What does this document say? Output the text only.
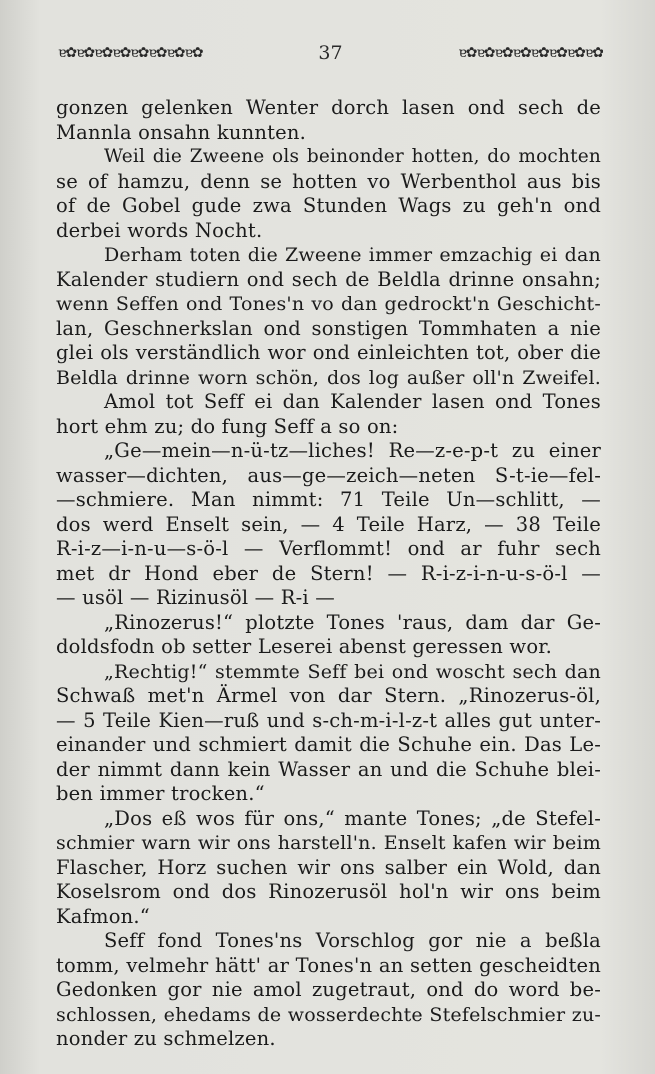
ɐ✿ɐ✿ɐ✿ɐ✿ɐ✿ɐ✿ɐ✿ɐ✿	37	ɐ✿ɐ✿ɐ✿ɐ✿ɐ✿ɐ✿ɐ✿ɐ✿
gonzen gelenken Wenter dorch lasen ond sech de
Mannla onsahn kunnten.
Weil die Zweene ols beinonder hotten, do mochten
se of hamzu, denn se hotten vo Werbenthol aus bis
of de Gobel gude zwa Stunden Wags zu geh'n ond
derbei words Nocht.
Derham toten die Zweene immer emzachig ei dan
Kalender studiern ond sech de Beldla drinne onsahn;
wenn Seffen ond Tones'n vo dan gedrockt'n Geschicht-
lan, Geschnerkslan ond sonstigen Tommhaten a nie
glei ols verständlich wor ond einleichten tot, ober die
Beldla drinne worn schön, dos log außer oll'n Zweifel.
Amol tot Seff ei dan Kalender lasen ond Tones
hort ehm zu; do fung Seff a so on:
„Ge—mein—n-ü-tz—liches! Re—z-e-p-t zu einer
wasser—dichten, aus—ge—zeich—neten S-t-ie—fel-
—schmiere. Man nimmt: 71 Teile Un—schlitt, —
dos werd Enselt sein, — 4 Teile Harz, — 38 Teile
R-i-z—i-n-u—s-ö-l — Verflommt! ond ar fuhr sech
met dr Hond eber de Stern! — R-i-z-i-n-u-s-ö-l —
— usöl — Rizinusöl — R-i —
„Rinozerus!“ plotzte Tones 'raus, dam dar Ge-
doldsfodn ob setter Leserei abenst geressen wor.
„Rechtig!“ stemmte Seff bei ond woscht sech dan
Schwaß met'n Ärmel von dar Stern. „Rinozerus-öl,
— 5 Teile Kien—ruß und s-ch-m-i-l-z-t alles gut unter-
einander und schmiert damit die Schuhe ein. Das Le-
der nimmt dann kein Wasser an und die Schuhe blei-
ben immer trocken.“
„Dos eß wos für ons,“ mante Tones; „de Stefel-
schmier warn wir ons harstell'n. Enselt kafen wir beim
Flascher, Horz suchen wir ons salber ein Wold, dan
Koselsrom ond dos Rinozerusöl hol'n wir ons beim
Kafmon.“
Seff fond Tones'ns Vorschlog gor nie a beßla
tomm, velmehr hätt' ar Tones'n an setten gescheidten
Gedonken gor nie amol zugetraut, ond do word be-
schlossen, ehedams de wosserdechte Stefelschmier zu-
nonder zu schmelzen.
